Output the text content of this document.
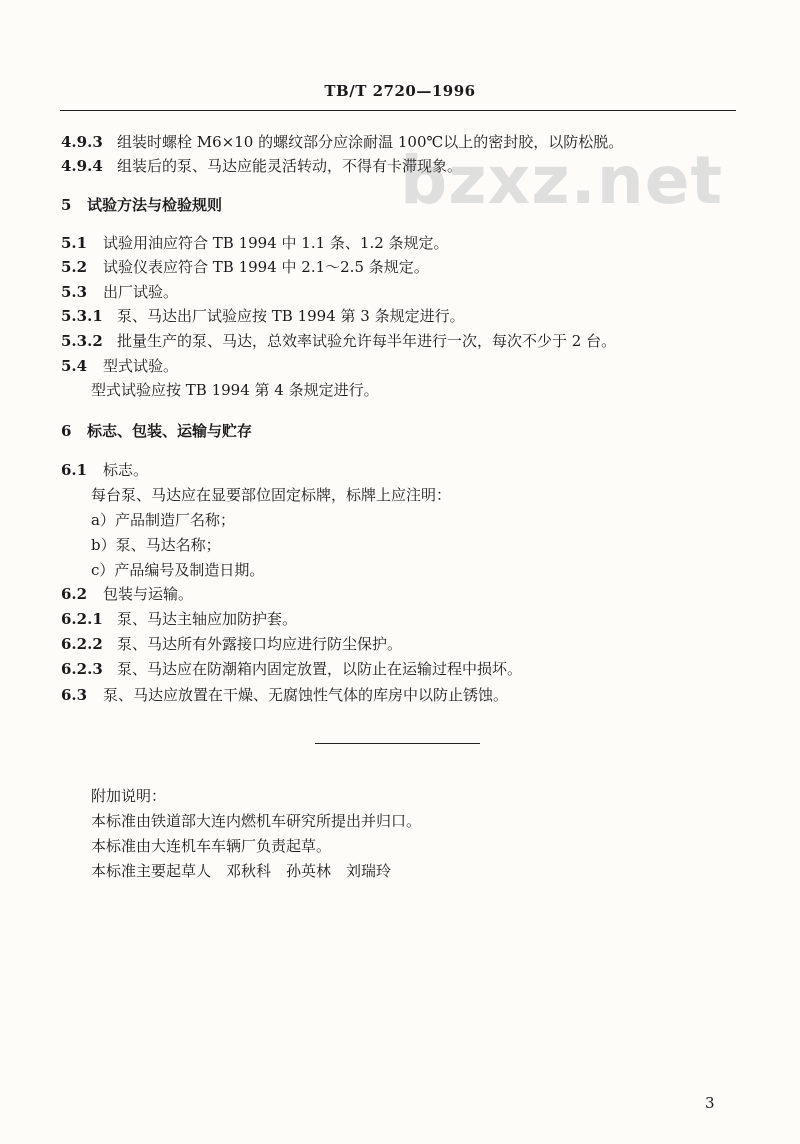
TB/T 2720—1996
bzxz.net
4.9.3 组装时螺栓 M6×10 的螺纹部分应涂耐温 100℃以上的密封胶，以防松脱。
4.9.4 组装后的泵、马达应能灵活转动，不得有卡滞现象。
5 试验方法与检验规则
5.1 试验用油应符合 TB 1994 中 1.1 条、1.2 条规定。
5.2 试验仪表应符合 TB 1994 中 2.1～2.5 条规定。
5.3 出厂试验。
5.3.1 泵、马达出厂试验应按 TB 1994 第 3 条规定进行。
5.3.2 批量生产的泵、马达，总效率试验允许每半年进行一次，每次不少于 2 台。
5.4 型式试验。
型式试验应按 TB 1994 第 4 条规定进行。
6 标志、包装、运输与贮存
6.1 标志。
每台泵、马达应在显要部位固定标牌，标牌上应注明：
a）产品制造厂名称；
b）泵、马达名称；
c）产品编号及制造日期。
6.2 包装与运输。
6.2.1 泵、马达主轴应加防护套。
6.2.2 泵、马达所有外露接口均应进行防尘保护。
6.2.3 泵、马达应在防潮箱内固定放置，以防止在运输过程中损坏。
6.3 泵、马达应放置在干燥、无腐蚀性气体的库房中以防止锈蚀。
附加说明：
本标准由铁道部大连内燃机车研究所提出并归口。
本标准由大连机车车辆厂负责起草。
本标准主要起草人　邓秋科　孙英林　刘瑞玲
3
